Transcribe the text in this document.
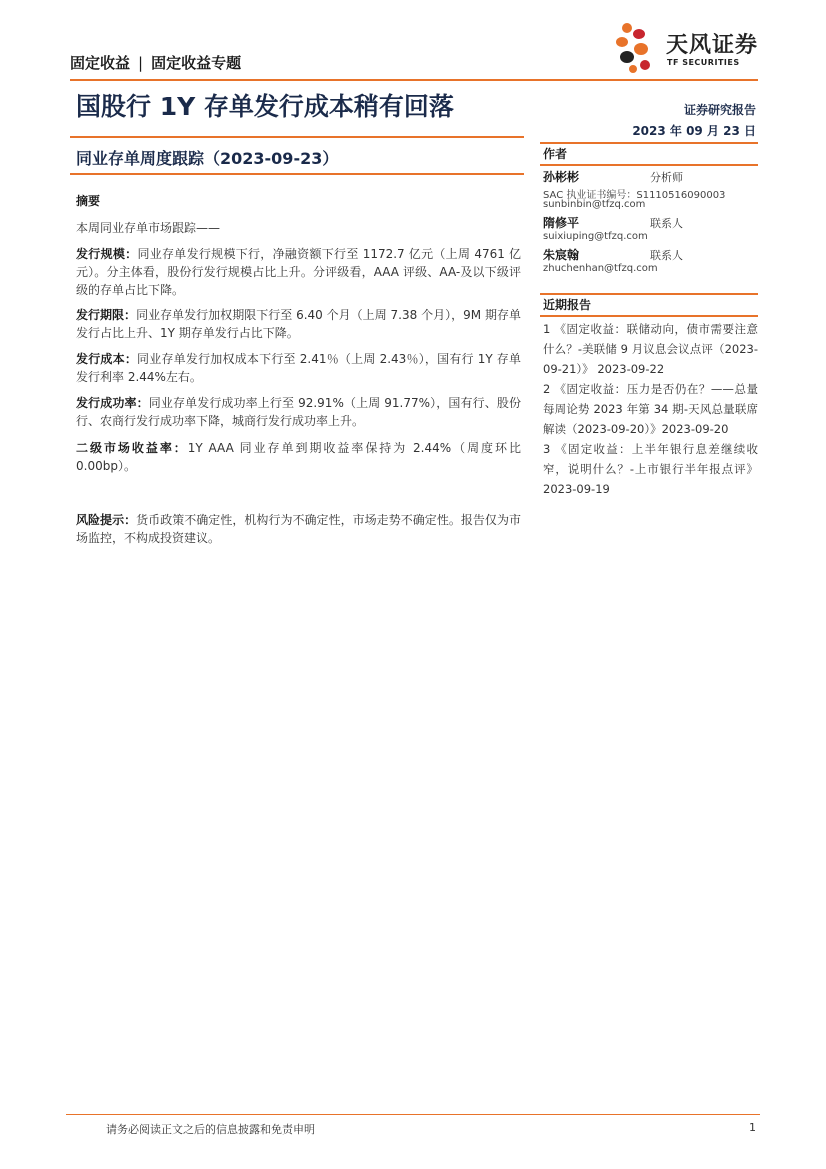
固定收益 | 固定收益专题
天风证券
TF SECURITIES
国股行 1Y 存单发行成本稍有回落	证券研究报告
2023 年 09 月 23 日
同业存单周度跟踪（2023-09-23）
摘要
本周同业存单市场跟踪——
发行规模：同业存单发行规模下行，净融资额下行至 1172.7 亿元（上周 4761 亿元）。分主体看，股份行发行规模占比上升。分评级看，AAA 评级、AA-及以下级评级的存单占比下降。
发行期限：同业存单发行加权期限下行至 6.40 个月（上周 7.38 个月），9M 期存单发行占比上升、1Y 期存单发行占比下降。
发行成本：同业存单发行加权成本下行至 2.41％（上周 2.43％），国有行 1Y 存单发行利率 2.44%左右。
发行成功率：同业存单发行成功率上行至 92.91%（上周 91.77%），国有行、股份行、农商行发行成功率下降，城商行发行成功率上升。
二级市场收益率：1Y AAA 同业存单到期收益率保持为 2.44%（周度环比 0.00bp）。
风险提示：货币政策不确定性，机构行为不确定性，市场走势不确定性。报告仅为市场监控，不构成投资建议。
作者
孙彬彬	分析师
SAC 执业证书编号：S1110516090003
sunbinbin@tfzq.com
隋修平	联系人
suixiuping@tfzq.com
朱宸翰	联系人
zhuchenhan@tfzq.com
近期报告
1 《固定收益：联储动向，债市需要注意什么？-美联储 9 月议息会议点评（2023-09-21）》 2023-09-22
2 《固定收益：压力是否仍在？——总量每周论势 2023 年第 34 期-天风总量联席解读（2023-09-20）》2023-09-20
3 《固定收益：上半年银行息差继续收窄，说明什么？-上市银行半年报点评》 2023-09-19
请务必阅读正文之后的信息披露和免责申明	1
